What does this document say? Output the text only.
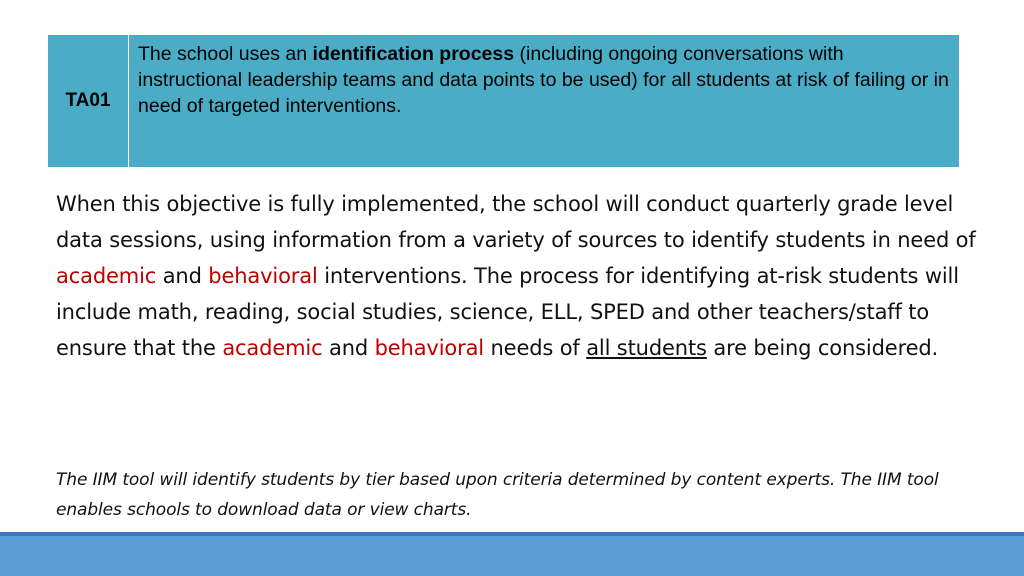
TA01	The school uses an identification process (including ongoing conversations with instructional leadership teams and data points to be used) for all students at risk of failing or in need of targeted interventions.
When this objective is fully implemented, the school will conduct quarterly grade level data sessions, using information from a variety of sources to identify students in need of academic and behavioral interventions. The process for identifying at-risk students will include math, reading, social studies, science, ELL, SPED and other teachers/staff to ensure that the academic and behavioral needs of all students are being considered.
The IIM tool will identify students by tier based upon criteria determined by content experts. The IIM tool enables schools to download data or view charts.
